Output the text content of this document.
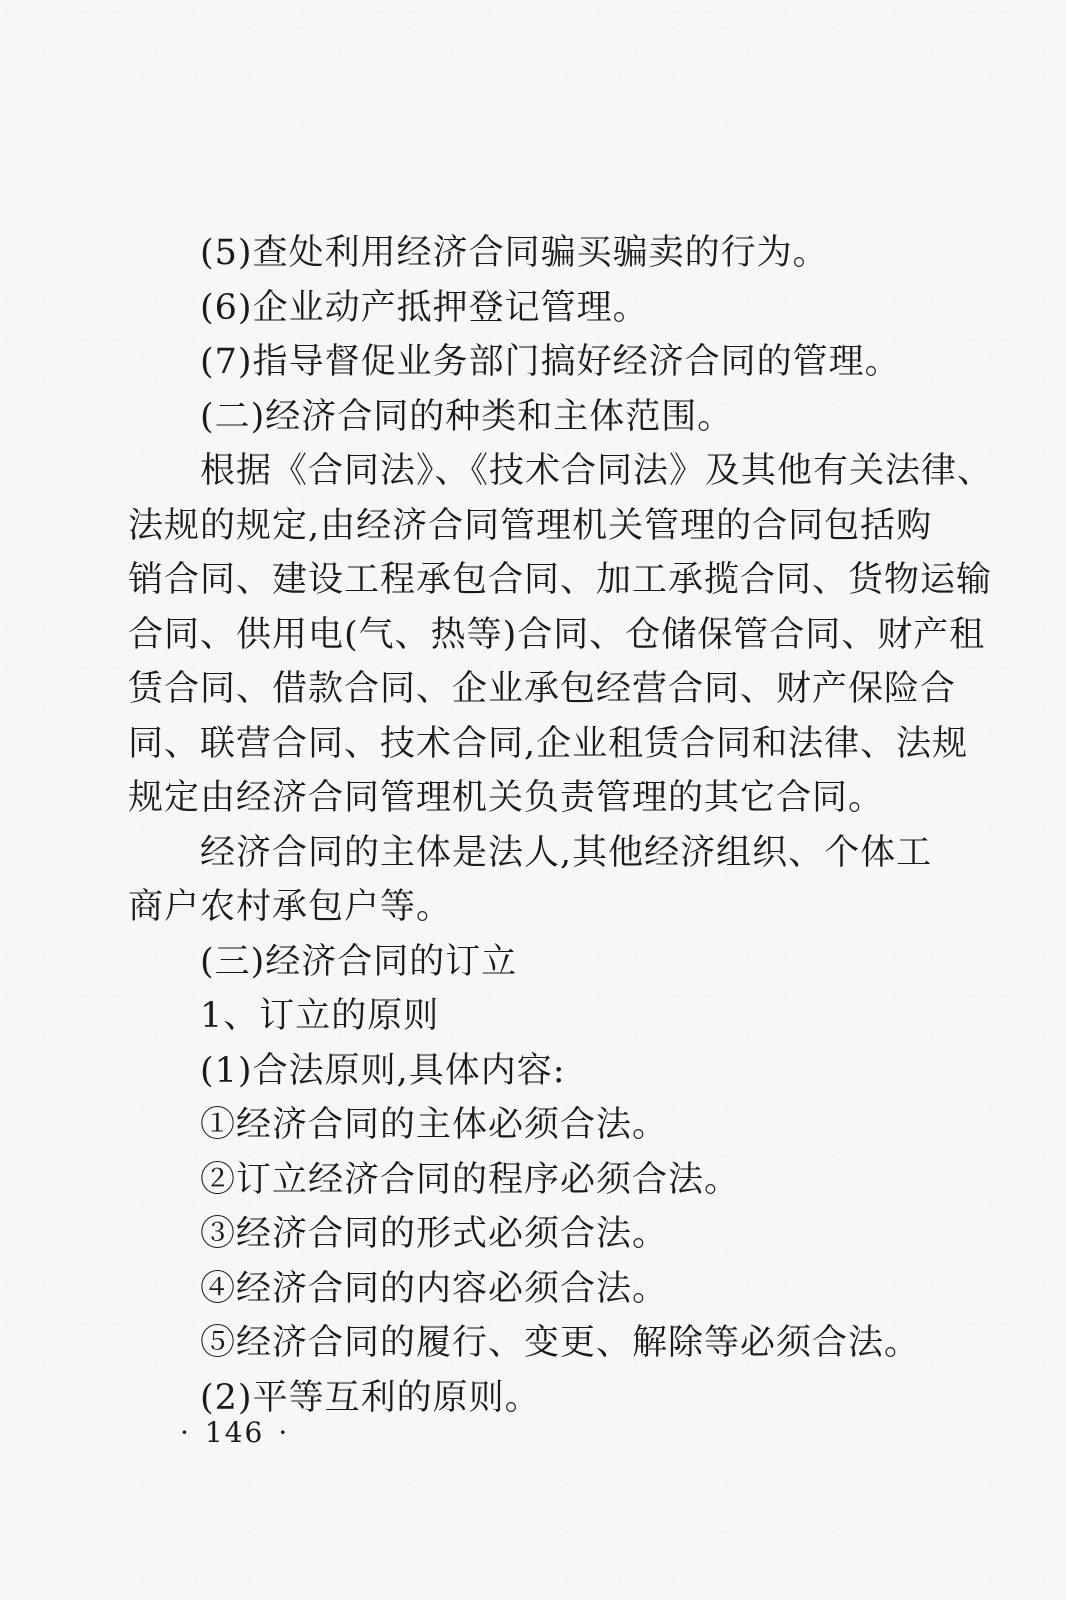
(5)查处利用经济合同骗买骗卖的行为。
(6)企业动产抵押登记管理。
(7)指导督促业务部门搞好经济合同的管理。
(二)经济合同的种类和主体范围。
根据《合同法》、《技术合同法》及其他有关法律、
法规的规定,由经济合同管理机关管理的合同包括购
销合同、建设工程承包合同、加工承揽合同、货物运输
合同、供用电(气、热等)合同、仓储保管合同、财产租
赁合同、借款合同、企业承包经营合同、财产保险合
同、联营合同、技术合同,企业租赁合同和法律、法规
规定由经济合同管理机关负责管理的其它合同。
经济合同的主体是法人,其他经济组织、个体工
商户农村承包户等。
(三)经济合同的订立
1、订立的原则
(1)合法原则,具体内容:
①经济合同的主体必须合法。
②订立经济合同的程序必须合法。
③经济合同的形式必须合法。
④经济合同的内容必须合法。
⑤经济合同的履行、变更、解除等必须合法。
(2)平等互利的原则。
· 146 ·
